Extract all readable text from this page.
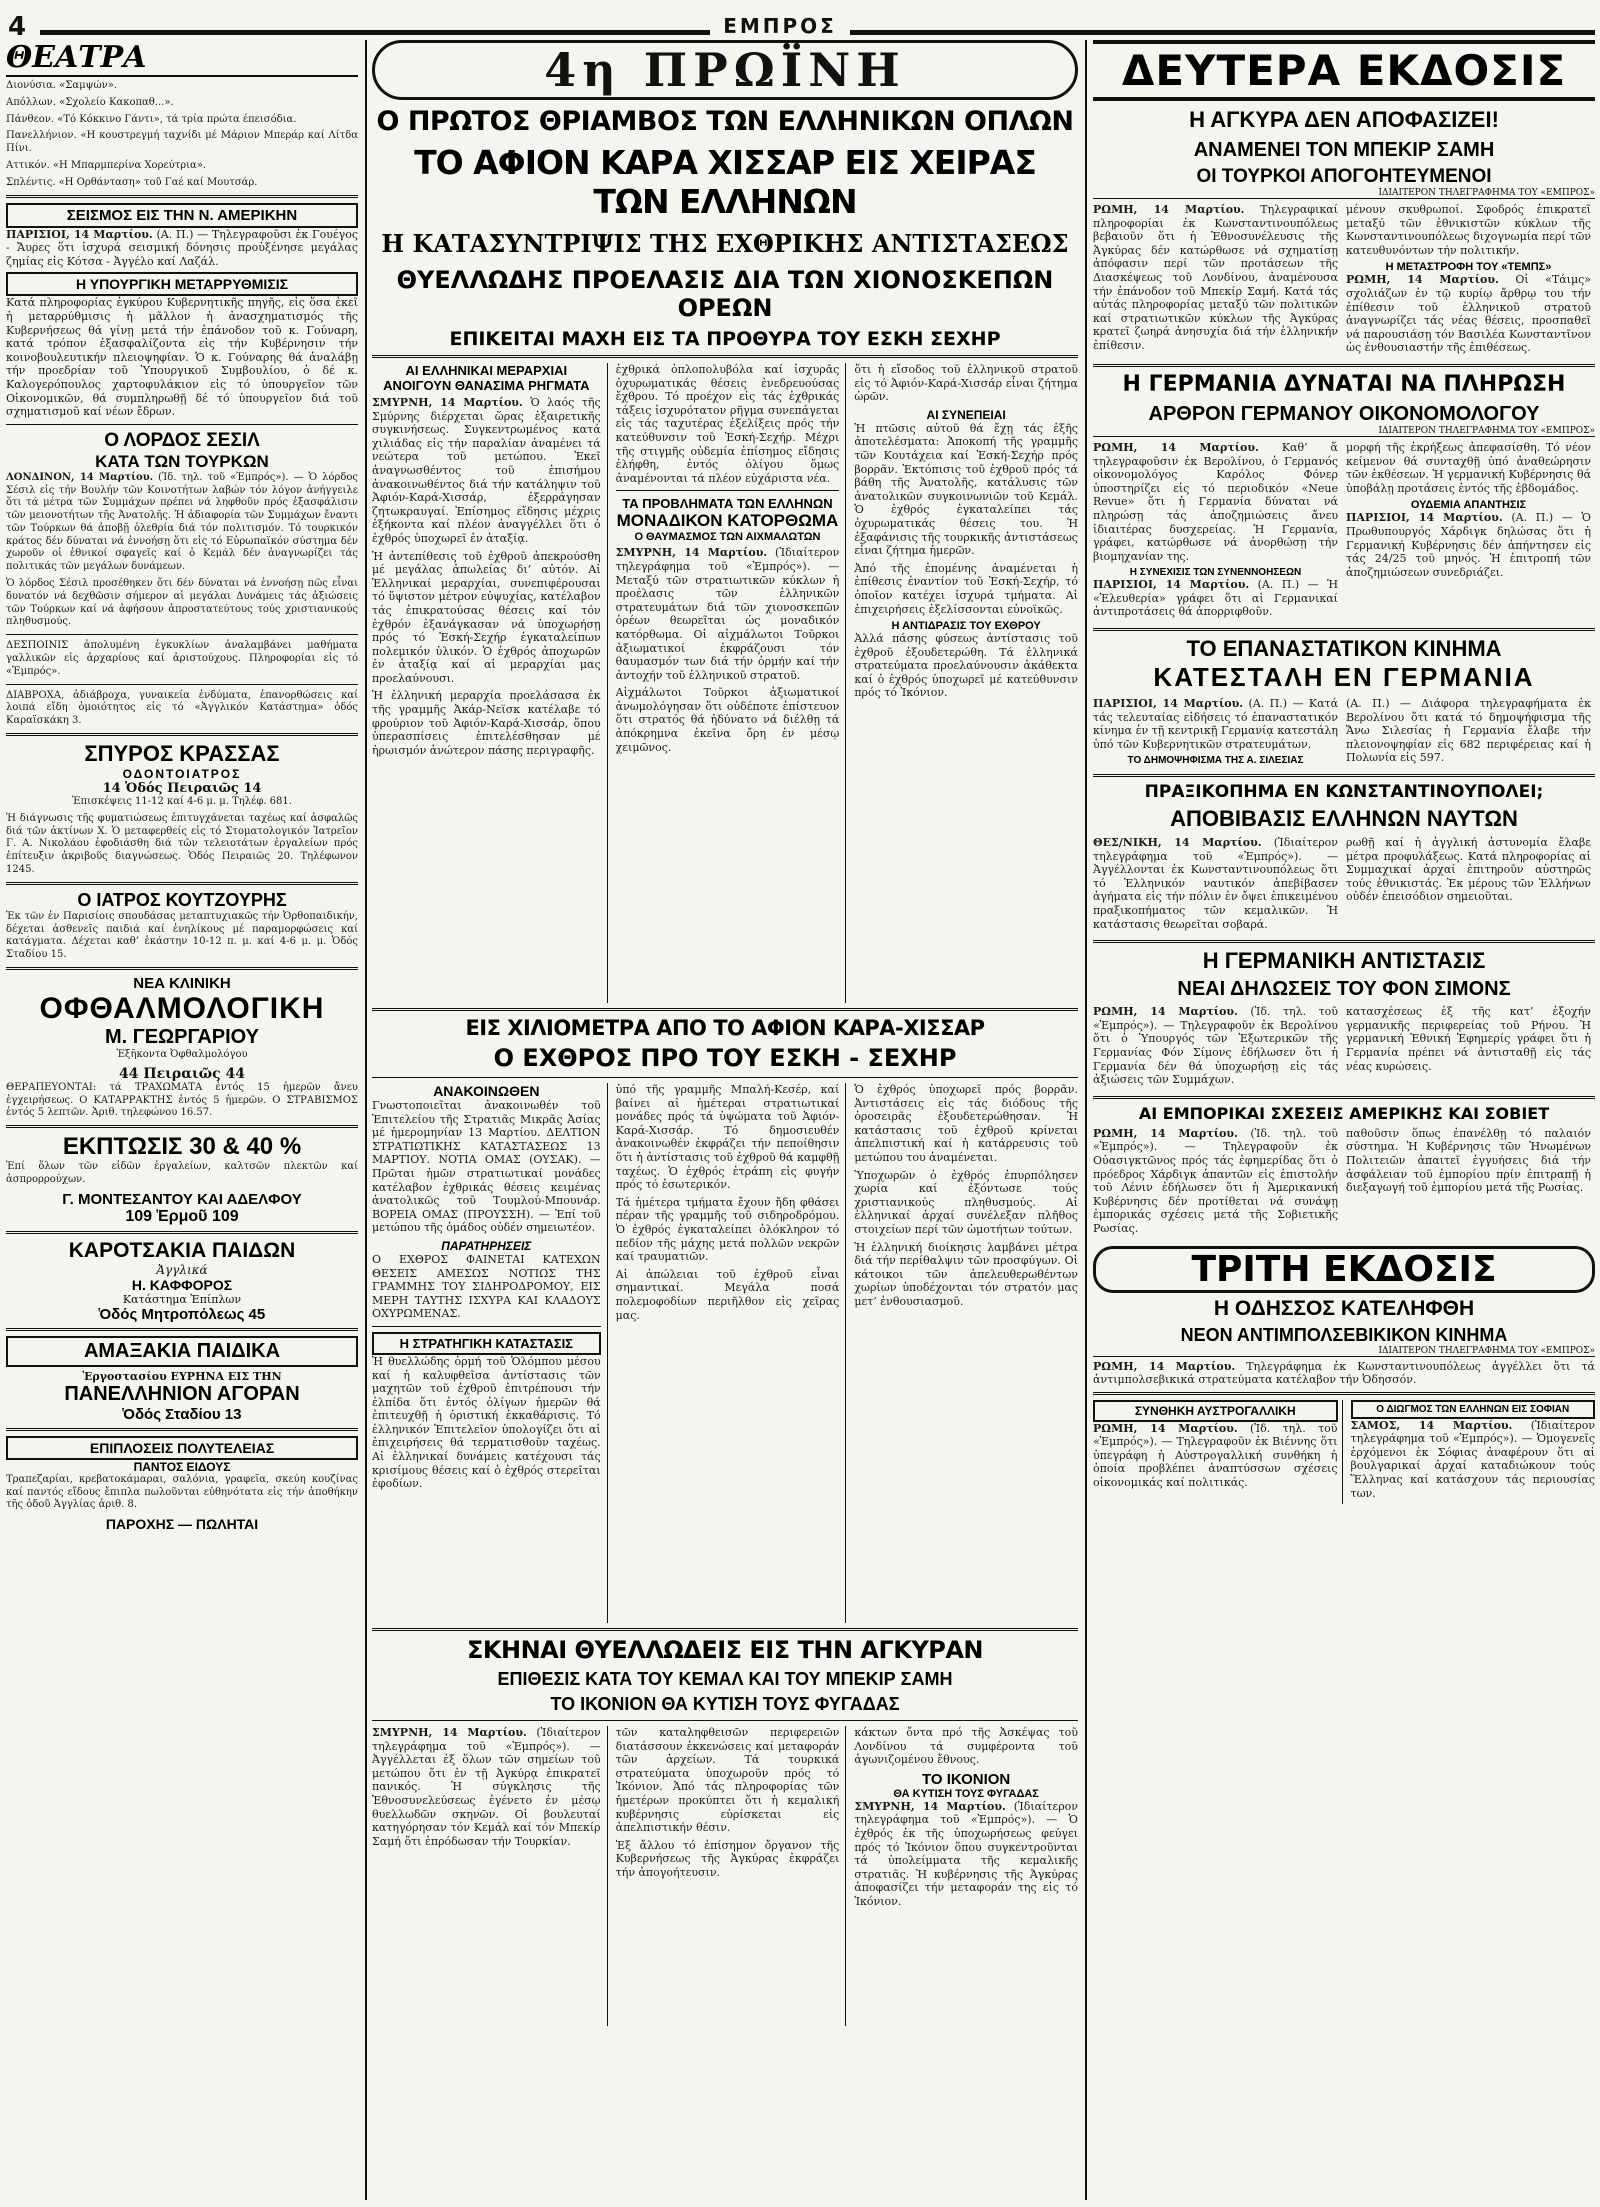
4	ΕΜΠΡΟΣ
ΘΕΑΤΡΑ

Διονύσια. «Σαμψών».

Απόλλων. «Σχολείο Κακοπαθ...».

Πάνθεον. «Τό Κόκκινο Γάντι», τά τρία πρώτα έπεισόδια.

Πανελλήνιον. «Η κουστρεγμή ταχνίδι μέ Μάριον Μπεράρ καί Λίτδα Πίνι.

Αττικόν. «Η Μπαρμπερίνα Χορεύτρια».

Σπλέντις. «Η Ορθάνταση» τοῦ Γαέ καί Μουτσάρ.

ΣΕΙΣΜΟΣ ΕΙΣ ΤΗΝ Ν. ΑΜΕΡΙΚΗΝ

ΠΑΡΙΣΙΟΙ, 14 Μαρτίου. (Α. Π.) — Τηλεγραφοῦσι ἐκ Γουέγος - Ἄυρες ὅτι ἰσχυρά σεισμική δόνησις προὐξένησε μεγάλας ζημίας εἰς Κότσα - Ἀγγέλο καί Λαζάλ.

Η ΥΠΟΥΡΓΙΚΗ ΜΕΤΑΡΡΥΘΜΙΣΙΣ

Κατά πληροφορίας ἐγκύρου Κυβερνητικῆς πηγῆς, εἰς ὅσα ἐκεῖ ἡ μεταρρύθμισις ἡ μᾶλλον ἡ ἀνασχηματισμός τῆς Κυβερνήσεως θά γίνῃ μετά τήν ἐπάνοδον τοῦ κ. Γούναρη, κατά τρόπον ἐξασφαλίζοντα εἰς τήν Κυβέρνησιν τήν κοινοβουλευτικήν πλειοψηφίαν. Ὁ κ. Γούναρης θά ἀναλάβῃ τήν προεδρίαν τοῦ Ὑπουργικοῦ Συμβουλίου, ὁ δέ κ. Καλογερόπουλος χαρτοφυλάκιον εἰς τό ὑπουργεῖον τῶν Οἰκονομικῶν, θά συμπληρωθῇ δέ τό ὑπουργεῖον διά τοῦ σχηματισμοῦ καί νέων ἔδρων.

Ο ΛΟΡΔΟΣ ΣΕΣΙΛ
ΚΑΤΑ ΤΩΝ ΤΟΥΡΚΩΝ

ΛΟΝΔΙΝΟΝ, 14 Μαρτίου. (Ἰδ. τηλ. τοῦ «Ἐμπρός»). — Ὁ λόρδος Σέσιλ εἰς τήν Βουλήν τῶν Κοινοτήτων λαβών τόν λόγον ἀνήγγειλε ὅτι τά μέτρα τῶν Συμμάχων πρέπει νά ληφθοῦν πρός ἐξασφάλισιν τῶν μειονοτήτων τῆς Ἀνατολῆς. Ἡ ἀδιαφορία τῶν Συμμάχων ἔναντι τῶν Τούρκων θά ἀποβῇ ὀλεθρία διά τόν πολιτισμόν. Τό τουρκικόν κράτος δέν δύναται νά ἐννοήσῃ ὅτι εἰς τό Εὐρωπαϊκόν σύστημα δέν χωροῦν οἱ ἐθνικοί σφαγεῖς καί ὁ Κεμάλ δέν ἀναγνωρίζει τάς πολιτικάς τῶν μεγάλων δυνάμεων.

Ὁ λόρδος Σέσιλ προσέθηκεν ὅτι δέν δύναται νά ἐννοήσῃ πῶς εἶναι δυνατόν νά δεχθῶσιν σήμερον αἱ μεγάλαι Δυνάμεις τάς ἀξιώσεις τῶν Τούρκων καί νά ἀφήσουν ἀπροστατεύτους τούς χριστιανικούς πληθυσμούς.

ΔΕΣΠΟΙΝΙΣ ἀπολυμένη ἐγκυκλίων ἀναλαμβάνει μαθήματα γαλλικῶν εἰς ἀρχαρίους καί ἀριστούχους. Πληροφορίαι εἰς τό «Ἐμπρός».

ΔΙΑΒΡΟΧΑ, ἀδιάβροχα, γυναικεία ἐνδύματα, ἐπανορθώσεις καί λοιπά εἴδη ὁμοιότητος εἰς τό «Ἀγγλικόν Κατάστημα» ὁδός Καραϊσκάκη 3.

ΣΠΥΡΟΣ ΚΡΑΣΣΑΣ
ΟΔΟΝΤΟΙΑΤΡΟΣ
14 Ὁδός Πειραιῶς 14
Ἐπισκέψεις 11-12 καί 4-6 μ. μ. Τηλέφ. 681.

Ἡ διάγνωσις τῆς φυματιώσεως ἐπιτυγχάνεται ταχέως καί ἀσφαλῶς διά τῶν ἀκτίνων Χ. Ὁ μεταφερθείς εἰς τό Στοματολογικόν Ἰατρεῖον Γ. Α. Νικολάου ἐφοδιάσθη διά τῶν τελειοτάτων ἐργαλείων πρός ἐπίτευξιν ἀκριβοῦς διαγνώσεως. Ὁδός Πειραιῶς 20. Τηλέφωνον 1245.

Ο ΙΑΤΡΟΣ ΚΟΥΤΖΟΥΡΗΣ

Ἐκ τῶν ἐν Παρισίοις σπουδάσας μεταπτυχιακῶς τήν Ὀρθοπαιδικήν, δέχεται ἀσθενεῖς παιδιά καί ἐνηλίκους μέ παραμορφώσεις καί κατάγματα. Δέχεται καθ’ ἑκάστην 10-12 π. μ. καί 4-6 μ. μ. Ὁδός Σταδίου 15.

ΝΕΑ ΚΛΙΝΙΚΗ
ΟΦΘΑΛΜΟΛΟΓΙΚΗ
Μ. ΓΕΩΡΓΑΡΙΟΥ
Ἐξῆκοντα Ὀφθαλμολόγου
44 Πειραιῶς 44

ΘΕΡΑΠΕΥΟΝΤΑΙ: τά ΤΡΑΧΩΜΑΤΑ ἐντός 15 ἡμερῶν ἄνευ ἐγχειρήσεως. Ο ΚΑΤΑΡΡΑΚΤΗΣ ἐντός 5 ἡμερῶν. Ο ΣΤΡΑΒΙΣΜΟΣ ἐντός 5 λεπτῶν. Ἀριθ. τηλεφώνου 16.57.

ΕΚΠΤΩΣΙΣ 30 & 40 %

Ἐπί ὅλων τῶν εἰδῶν ἐργαλείων, καλτσῶν πλεκτῶν καί ἀσπρορρούχων.

Γ. ΜΟΝΤΕΣΑΝΤΟΥ ΚΑΙ ΑΔΕΛΦΟΥ
109 Ἑρμοῦ 109
ΚΑΡΟΤΣΑΚΙΑ ΠΑΙΔΩΝ
Ἀγγλικά
Η. ΚΑΦΦΟΡΟΣ
Κατάστημα Ἐπίπλων
Ὁδός Μητροπόλεως 45
ΑΜΑΞΑΚΙΑ ΠΑΙΔΙΚΑ
Ἐργοστασίου ΕΥΡΗΝΑ ΕΙΣ ΤΗΝ
ΠΑΝΕΛΛΗΝΙΟΝ ΑΓΟΡΑΝ
Ὁδός Σταδίου 13
ΕΠΙΠΛΟΣΕΙΣ ΠΟΛΥΤΕΛΕΙΑΣ
ΠΑΝΤΟΣ ΕΙΔΟΥΣ

Τραπεζαρίαι, κρεβατοκάμαραι, σαλόνια, γραφεῖα, σκεύη κουζίνας καί παντός εἴδους ἔπιπλα πωλοῦνται εὐθηνότατα εἰς τήν ἀποθήκην τῆς ὁδοῦ Ἀγγλίας ἀριθ. 8.

ΠΑΡΟΧΗΣ — ΠΩΛΗΤΑΙ
4η ΠΡΩΪΝΗ
Ο ΠΡΩΤΟΣ ΘΡΙΑΜΒΟΣ ΤΩΝ ΕΛΛΗΝΙΚΩΝ ΟΠΛΩΝ
ΤΟ ΑΦΙΟΝ ΚΑΡΑ ΧΙΣΣΑΡ ΕΙΣ ΧΕΙΡΑΣ ΤΩΝ ΕΛΛΗΝΩΝ
Η ΚΑΤΑΣΥΝΤΡΙΨΙΣ ΤΗΣ ΕΧΘΡΙΚΗΣ ΑΝΤΙΣΤΑΣΕΩΣ
ΘΥΕΛΛΩΔΗΣ ΠΡΟΕΛΑΣΙΣ ΔΙΑ ΤΩΝ ΧΙΟΝΟΣΚΕΠΩΝ ΟΡΕΩΝ
ΕΠΙΚΕΙΤΑΙ ΜΑΧΗ ΕΙΣ ΤΑ ΠΡΟΘΥΡΑ ΤΟΥ ΕΣΚΗ ΣΕΧΗΡ
ΑΙ ΕΛΛΗΝΙΚΑΙ ΜΕΡΑΡΧΙΑΙ
ΑΝΟΙΓΟΥΝ ΘΑΝΑΣΙΜΑ ΡΗΓΜΑΤΑ

ΣΜΥΡΝΗ, 14 Μαρτίου. Ὁ λαός τῆς Σμύρνης διέρχεται ὥρας ἐξαιρετικῆς συγκινήσεως. Συγκεντρωμένος κατά χιλιάδας εἰς τήν παραλίαν ἀναμένει τά νεώτερα τοῦ μετώπου. Ἐκεῖ ἀναγνωσθέντος τοῦ ἐπισήμου ἀνακοινωθέντος διά τήν κατάληψιν τοῦ Ἀφιόν-Καρά-Χισσάρ, ἐξερράγησαν ζητωκραυγαί. Ἐπίσημος εἴδησις μέχρις ἐξήκοντα καί πλέον ἀναγγέλλει ὅτι ὁ ἐχθρός ὑποχωρεῖ ἐν ἀταξίᾳ.

Ἡ ἀντεπίθεσις τοῦ ἐχθροῦ ἀπεκρούσθη μέ μεγάλας ἀπωλείας δι’ αὐτόν. Αἱ Ἑλληνικαί μεραρχίαι, συνεπιφέρουσαι τό ὕψιστον μέτρον εὐψυχίας, κατέλαβον τάς ἐπικρατούσας θέσεις καί τόν ἐχθρόν ἐξανάγκασαν νά ὑποχωρήσῃ πρός τό Ἐσκή-Σεχήρ ἐγκαταλείπων πολεμικόν ὑλικόν. Ὁ ἐχθρός ἀποχωρῶν ἐν ἀταξίᾳ καί αἱ μεραρχίαι μας προελαύνουσι.

Ἡ ἐλληνική μεραρχία προελάσασα ἐκ τῆς γραμμῆς Ἀκάρ-Νεϊσκ κατέλαβε τό φρούριον τοῦ Ἀφιόν-Καρά-Χισσάρ, ὅπου ὑπερασπίσεις ἐπιτελέσθησαν μέ ἡρωισμόν ἀνώτερον πάσης περιγραφῆς.

ἐχθρικά ὁπλοπολυβόλα καί ἰσχυρᾶς ὀχυρωματικάς θέσεις ἐνεδρευούσας ἔχθρου. Τό προέχον εἰς τάς ἐχθρικάς τάξεις ἰσχυρότατον ρῆγμα συνεπάγεται εἰς τάς ταχυτέρας ἐξελίξεις πρός τήν κατεύθυνσιν τοῦ Ἐσκή-Σεχήρ. Μέχρι τῆς στιγμῆς οὐδεμία ἐπίσημος εἴδησις ἐλήφθη, ἐντός ὀλίγου ὅμως ἀναμένονται τά πλέον εὐχάριστα νέα.

ΤΑ ΠΡΟΒΛΗΜΑΤΑ ΤΩΝ ΕΛΛΗΝΩΝ
ΜΟΝΑΔΙΚΟΝ ΚΑΤΟΡΘΩΜΑ
Ο ΘΑΥΜΑΣΜΟΣ ΤΩΝ ΑΙΧΜΑΛΩΤΩΝ

ΣΜΥΡΝΗ, 14 Μαρτίου. (Ἰδιαίτερον τηλεγράφημα τοῦ «Ἐμπρός»). — Μεταξύ τῶν στρατιωτικῶν κύκλων ἡ προέλασις τῶν ἑλληνικῶν στρατευμάτων διά τῶν χιονοσκεπῶν ὀρέων θεωρεῖται ὡς μοναδικόν κατόρθωμα. Οἱ αἰχμάλωτοι Τοῦρκοι ἀξιωματικοί ἐκφράζουσι τόν θαυμασμόν των διά τήν ὁρμήν καί τήν ἀντοχήν τοῦ ἑλληνικοῦ στρατοῦ.

Αἰχμάλωτοι Τοῦρκοι ἀξιωματικοί ἀνωμολόγησαν ὅτι οὐδέποτε ἐπίστευον ὅτι στρατός θά ἠδύνατο νά διέλθῃ τά ἀπόκρημνα ἐκεῖνα ὄρη ἐν μέσῳ χειμῶνος.

ὅτι ἡ εἴσοδος τοῦ ἑλληνικοῦ στρατοῦ εἰς τό Ἀφιόν-Καρά-Χισσάρ εἶναι ζήτημα ὡρῶν.

ΑΙ ΣΥΝΕΠΕΙΑΙ

Ἡ πτῶσις αὐτοῦ θά ἔχῃ τάς ἑξῆς ἀποτελέσματα: Ἀποκοπή τῆς γραμμῆς τῶν Κουτάχεια καί Ἐσκή-Σεχήρ πρός βορρᾶν. Ἐκτόπισις τοῦ ἐχθροῦ πρός τά βάθη τῆς Ἀνατολῆς, κατάλυσις τῶν ἀνατολικῶν συγκοινωνιῶν τοῦ Κεμάλ. Ὁ ἐχθρός ἐγκαταλείπει τάς ὀχυρωματικάς θέσεις του. Ἡ ἐξαφάνισις τῆς τουρκικῆς ἀντιστάσεως εἶναι ζήτημα ἡμερῶν.

Ἀπό τῆς ἐπομένης ἀναμένεται ἡ ἐπίθεσις ἐναντίον τοῦ Ἐσκή-Σεχήρ, τό ὁποῖον κατέχει ἰσχυρά τμήματα. Αἱ ἐπιχειρήσεις ἐξελίσσονται εὐνοϊκῶς.

Η ΑΝΤΙΔΡΑΣΙΣ ΤΟΥ ΕΧΘΡΟΥ

Ἀλλά πάσης φύσεως ἀντίστασις τοῦ ἐχθροῦ ἐξουδετερώθη. Τά ἑλληνικά στρατεύματα προελαύνουσιν ἀκάθεκτα καί ὁ ἐχθρός ὑποχωρεῖ μέ κατεύθυνσιν πρός τό Ἰκόνιον.

ΕΙΣ ΧΙΛΙΟΜΕΤΡΑ ΑΠΟ ΤΟ ΑΦΙΟΝ ΚΑΡΑ-ΧΙΣΣΑΡ
Ο ΕΧΘΡΟΣ ΠΡΟ ΤΟΥ ΕΣΚΗ - ΣΕΧΗΡ
ΑΝΑΚΟΙΝΩΘΕΝ

Γνωστοποιεῖται ἀνακοινωθέν τοῦ Ἐπιτελείου τῆς Στρατιᾶς Μικρᾶς Ἀσίας μέ ἡμερομηνίαν 13 Μαρτίου. ΔΕΛΤΙΟΝ ΣΤΡΑΤΙΩΤΙΚΗΣ ΚΑΤΑΣΤΑΣΕΩΣ 13 ΜΑΡΤΙΟΥ. ΝΟΤΙΑ ΟΜΑΣ (ΟΥΣΑΚ). — Πρῶται ἡμῶν στρατιωτικαί μονάδες κατέλαβον ἐχθρικάς θέσεις κειμένας ἀνατολικῶς τοῦ Τουμλού-Μπουνάρ. ΒΟΡΕΙΑ ΟΜΑΣ (ΠΡΟΥΣΣΗ). — Ἐπί τοῦ μετώπου τῆς ὁμάδος οὐδέν σημειωτέον.

ΠΑΡΑΤΗΡΗΣΕΙΣ

Ο ΕΧΘΡΟΣ ΦΑΙΝΕΤΑΙ ΚΑΤΕΧΩΝ ΘΕΣΕΙΣ ΑΜΕΣΩΣ ΝΟΤΙΩΣ ΤΗΣ ΓΡΑΜΜΗΣ ΤΟΥ ΣΙΔΗΡΟΔΡΟΜΟΥ, ΕΙΣ ΜΕΡΗ ΤΑΥΤΗΣ ΙΣΧΥΡΑ ΚΑΙ ΚΛΑΔΟΥΣ ΟΧΥΡΩΜΕΝΑΣ.

Η ΣΤΡΑΤΗΓΙΚΗ ΚΑΤΑΣΤΑΣΙΣ

Ἡ θυελλώδης ὁρμή τοῦ Ὁλόμπου μέσου καί ἡ καλυφθεῖσα ἀντίστασις τῶν μαχητῶν τοῦ ἐχθροῦ ἐπιτρέπουσι τήν ἐλπίδα ὅτι ἐντός ὀλίγων ἡμερῶν θά ἐπιτευχθῇ ἡ ὁριστική ἐκκαθάρισις. Τό ἑλληνικόν Ἐπιτελεῖον ὑπολογίζει ὅτι αἱ ἐπιχειρήσεις θά τερματισθοῦν ταχέως. Αἱ ἑλληνικαί δυνάμεις κατέχουσι τάς κρισίμους θέσεις καί ὁ ἐχθρός στερεῖται ἐφοδίων.

ὑπό τῆς γραμμῆς Μπαλή-Κεσέρ, καί βαίνει αἱ ἡμέτεραι στρατιωτικαί μονάδες πρός τά ὑψώματα τοῦ Ἀφιόν-Καρά-Χισσάρ. Τό δημοσιευθέν ἀνακοινωθέν ἐκφράζει τήν πεποίθησιν ὅτι ἡ ἀντίστασις τοῦ ἐχθροῦ θά καμφθῇ ταχέως. Ὁ ἐχθρός ἐτράπη εἰς φυγήν πρός τό ἐσωτερικόν.

Τά ἡμέτερα τμήματα ἔχουν ἤδη φθάσει πέραν τῆς γραμμῆς τοῦ σιδηροδρόμου. Ὁ ἐχθρός ἐγκαταλείπει ὁλόκληρον τό πεδίον τῆς μάχης μετά πολλῶν νεκρῶν καί τραυματιῶν.

Αἱ ἀπώλειαι τοῦ ἐχθροῦ εἶναι σημαντικαί. Μεγάλα ποσά πολεμοφοδίων περιῆλθον εἰς χεῖρας μας.

Ὁ ἐχθρός ὑποχωρεῖ πρός βορρᾶν. Ἀντιστάσεις εἰς τάς διόδους τῆς ὀροσειρᾶς ἐξουδετερώθησαν. Ἡ κατάστασις τοῦ ἐχθροῦ κρίνεται ἀπελπιστική καί ἡ κατάρρευσις τοῦ μετώπου του ἀναμένεται.

Ὑποχωρῶν ὁ ἐχθρός ἐπυρπόλησεν χωρία καί ἐξόντωσε τούς χριστιανικούς πληθυσμούς. Αἱ ἑλληνικαί ἀρχαί συνέλεξαν πλῆθος στοιχείων περί τῶν ὠμοτήτων τούτων.

Ἡ ἑλληνική διοίκησις λαμβάνει μέτρα διά τήν περίθαλψιν τῶν προσφύγων. Οἱ κάτοικοι τῶν ἀπελευθερωθέντων χωρίων ὑποδέχονται τόν στρατόν μας μετ’ ἐνθουσιασμοῦ.

ΣΚΗΝΑΙ ΘΥΕΛΛΩΔΕΙΣ ΕΙΣ ΤΗΝ ΑΓΚΥΡΑΝ
ΕΠΙΘΕΣΙΣ ΚΑΤΑ ΤΟΥ ΚΕΜΑΛ ΚΑΙ ΤΟΥ ΜΠΕΚΙΡ ΣΑΜΗ
ΤΟ ΙΚΟΝΙΟΝ ΘΑ ΚΥΤΙΣΗ ΤΟΥΣ ΦΥΓΑΔΑΣ

ΣΜΥΡΝΗ, 14 Μαρτίου. (Ἰδιαίτερον τηλεγράφημα τοῦ «Ἐμπρός»). — Ἀγγέλλεται ἐξ ὅλων τῶν σημείων τοῦ μετώπου ὅτι ἐν τῇ Ἀγκύρᾳ ἐπικρατεῖ πανικός. Ἡ σύγκλησις τῆς Ἐθνοσυνελεύσεως ἐγένετο ἐν μέσῳ θυελλωδῶν σκηνῶν. Οἱ βουλευταί κατηγόρησαν τόν Κεμάλ καί τόν Μπεκίρ Σαμή ὅτι ἐπρόδωσαν τήν Τουρκίαν.

τῶν καταληφθεισῶν περιφερειῶν διατάσσουν ἐκκενώσεις καί μεταφοράν τῶν ἀρχείων. Τά τουρκικά στρατεύματα ὑποχωροῦν πρός τό Ἰκόνιον. Ἀπό τάς πληροφορίας τῶν ἡμετέρων προκύπτει ὅτι ἡ κεμαλική κυβέρνησις εὑρίσκεται εἰς ἀπελπιστικήν θέσιν.

Ἐξ ἄλλου τό ἐπίσημον ὄργανον τῆς Κυβερνήσεως τῆς Ἀγκύρας ἐκφράζει τήν ἀπογοήτευσιν.

κάκτων ὄντα πρό τῆς Ἀσκέψας τοῦ Λονδίνου τά συμφέροντα τοῦ ἀγωνιζομένου ἔθνους.

ΤΟ ΙΚΟΝΙΟΝ
ΘΑ ΚΥΤΙΣΗ ΤΟΥΣ ΦΥΓΑΔΑΣ

ΣΜΥΡΝΗ, 14 Μαρτίου. (Ἰδιαίτερον τηλεγράφημα τοῦ «Ἐμπρός»). — Ὁ ἐχθρός ἐκ τῆς ὑποχωρήσεως φεύγει πρός τό Ἰκόνιον ὅπου συγκεντροῦνται τά ὑπολείμματα τῆς κεμαλικῆς στρατιᾶς. Ἡ κυβέρνησις τῆς Ἀγκύρας ἀποφασίζει τήν μεταφοράν της εἰς τό Ἰκόνιον.

ΔΕΥΤΕΡΑ ΕΚΔΟΣΙΣ
Η ΑΓΚΥΡΑ ΔΕΝ ΑΠΟΦΑΣΙΖΕΙ!
ΑΝΑΜΕΝΕΙ ΤΟΝ ΜΠΕΚΙΡ ΣΑΜΗ
ΟΙ ΤΟΥΡΚΟΙ ΑΠΟΓΟΗΤΕΥΜΕΝΟΙ
ΙΔΙΑΙΤΕΡΟΝ ΤΗΛΕΓΡΑΦΗΜΑ ΤΟΥ «ΕΜΠΡΟΣ»

ΡΩΜΗ, 14 Μαρτίου. Τηλεγραφικαί πληροφορίαι ἐκ Κωνσταντινουπόλεως βεβαιοῦν ὅτι ἡ Ἐθνοσυνέλευσις τῆς Ἀγκύρας δέν κατώρθωσε νά σχηματίσῃ ἀπόφασιν περί τῶν προτάσεων τῆς Διασκέψεως τοῦ Λονδίνου, ἀναμένουσα τήν ἐπάνοδον τοῦ Μπεκίρ Σαμή. Κατά τάς αὐτάς πληροφορίας μεταξύ τῶν πολιτικῶν καί στρατιωτικῶν κύκλων τῆς Ἀγκύρας κρατεῖ ζωηρά ἀνησυχία διά τήν ἑλληνικήν ἐπίθεσιν.

μένουν σκυθρωποί. Σφοδρός ἐπικρατεῖ μεταξύ τῶν ἐθνικιστῶν κύκλων τῆς Κωνσταντινουπόλεως διχογνωμία περί τῶν κατευθυνόντων τήν πολιτικήν.

Η ΜΕΤΑΣΤΡΟΦΗ ΤΟΥ «ΤΕΜΠΣ»

ΡΩΜΗ, 14 Μαρτίου. Οἱ «Τάιμς» σχολιάζων ἐν τῷ κυρίῳ ἄρθρῳ του τήν ἐπίθεσιν τοῦ ἑλληνικοῦ στρατοῦ ἀναγνωρίζει τάς νέας θέσεις, προσπαθεῖ νά παρουσιάσῃ τόν Βασιλέα Κωνσταντῖνον ὡς ἐνθουσιαστήν τῆς ἐπιθέσεως.

Η ΓΕΡΜΑΝΙΑ ΔΥΝΑΤΑΙ ΝΑ ΠΛΗΡΩΣΗ
ΑΡΘΡΟΝ ΓΕΡΜΑΝΟΥ ΟΙΚΟΝΟΜΟΛΟΓΟΥ
ΙΔΙΑΙΤΕΡΟΝ ΤΗΛΕΓΡΑΦΗΜΑ ΤΟΥ «ΕΜΠΡΟΣ»

ΡΩΜΗ, 14 Μαρτίου. Καθ’ ἅ τηλεγραφοῦσιν ἐκ Βερολίνου, ὁ Γερμανός οἰκονομολόγος Καρόλος Φόνερ ὑποστηρίζει εἰς τό περιοδικόν «Neue Revue» ὅτι ἡ Γερμανία δύναται νά πληρώσῃ τάς ἀποζημιώσεις ἄνευ ἰδιαιτέρας δυσχερείας. Ἡ Γερμανία, γράφει, κατώρθωσε νά ἀνορθώσῃ τήν βιομηχανίαν της.

Η ΣΥΝΕΧΙΣΙΣ ΤΩΝ ΣΥΝΕΝΝΟΗΣΕΩΝ

ΠΑΡΙΣΙΟΙ, 14 Μαρτίου. (Α. Π.) — Ἡ «Ἐλευθερία» γράφει ὅτι αἱ Γερμανικαί ἀντιπροτάσεις θά ἀπορριφθοῦν.

μορφή τῆς ἐκρήξεως ἀπεφασίσθη. Τό νέον κείμενον θά συνταχθῇ ὑπό ἀναθεώρησιν τῶν ἐκθέσεων. Ἡ γερμανική Κυβέρνησις θά ὑποβάλῃ προτάσεις ἐντός τῆς ἑβδομάδος.

ΟΥΔΕΜΙΑ ΑΠΑΝΤΗΣΙΣ

ΠΑΡΙΣΙΟΙ, 14 Μαρτίου. (Α. Π.) — Ὁ Πρωθυπουργός Χάρδιγκ δηλώσας ὅτι ἡ Γερμανική Κυβέρνησις δέν ἀπήντησεν εἰς τάς 24/25 τοῦ μηνός. Ἡ ἐπιτροπή τῶν ἀποζημιώσεων συνεδριάζει.

ΤΟ ΕΠΑΝΑΣΤΑΤΙΚΟΝ ΚΙΝΗΜΑ
ΚΑΤΕΣΤΑΛΗ ΕΝ ΓΕΡΜΑΝΙΑ

ΠΑΡΙΣΙΟΙ, 14 Μαρτίου. (Α. Π.) — Κατά τάς τελευταίας εἰδήσεις τό ἐπαναστατικόν κίνημα ἐν τῇ κεντρικῇ Γερμανίᾳ κατεστάλη ὑπό τῶν Κυβερνητικῶν στρατευμάτων.

ΤΟ ΔΗΜΟΨΗΦΙΣΜΑ ΤΗΣ Α. ΣΙΛΕΣΙΑΣ

(Α. Π.) — Διάφορα τηλεγραφήματα ἐκ Βερολίνου ὅτι κατά τό δημοψήφισμα τῆς Ἄνω Σιλεσίας ἡ Γερμανία ἔλαβε τήν πλειονοψηφίαν εἰς 682 περιφέρειας καί ἡ Πολωνία εἰς 597.

ΠΡΑΞΙΚΟΠΗΜΑ ΕΝ ΚΩΝΣΤΑΝΤΙΝΟΥΠΟΛΕΙ;
ΑΠΟΒΙΒΑΣΙΣ ΕΛΛΗΝΩΝ ΝΑΥΤΩΝ

ΘΕΣ/ΝΙΚΗ, 14 Μαρτίου. (Ἰδιαίτερον τηλεγράφημα τοῦ «Ἐμπρός»). — Ἀγγέλλονται ἐκ Κωνσταντινουπόλεως ὅτι τό Ἑλληνικόν ναυτικόν ἀπεβίβασεν ἀγήματα εἰς τήν πόλιν ἐν ὄψει ἐπικειμένου πραξικοπήματος τῶν κεμαλικῶν. Ἡ κατάστασις θεωρεῖται σοβαρά.

ρωθῇ καί ἡ ἀγγλική ἀστυνομία ἔλαβε μέτρα προφυλάξεως. Κατά πληροφορίας αἱ Συμμαχικαί ἀρχαί ἐπιτηροῦν αὐστηρῶς τούς ἐθνικιστάς. Ἐκ μέρους τῶν Ἑλλήνων οὐδέν ἐπεισόδιον σημειοῦται.

Η ΓΕΡΜΑΝΙΚΗ ΑΝΤΙΣΤΑΣΙΣ
ΝΕΑΙ ΔΗΛΩΣΕΙΣ ΤΟΥ ΦΟΝ ΣΙΜΟΝΣ

ΡΩΜΗ, 14 Μαρτίου. (Ἰδ. τηλ. τοῦ «Ἐμπρός»). — Τηλεγραφοῦν ἐκ Βερολίνου ὅτι ὁ Ὑπουργός τῶν Ἐξωτερικῶν τῆς Γερμανίας Φόν Σίμονς ἐδήλωσεν ὅτι ἡ Γερμανία δέν θά ὑποχωρήσῃ εἰς τάς ἀξιώσεις τῶν Συμμάχων.

κατασχέσεως ἐξ τῆς κατ’ ἐξοχήν γερμανικῆς περιφερείας τοῦ Ρήνου. Ἡ γερμανική Ἐθνική Ἐφημερίς γράφει ὅτι ἡ Γερμανία πρέπει νά ἀντισταθῇ εἰς τάς νέας κυρώσεις.

ΑΙ ΕΜΠΟΡΙΚΑΙ ΣΧΕΣΕΙΣ ΑΜΕΡΙΚΗΣ ΚΑΙ ΣΟΒΙΕΤ

ΡΩΜΗ, 14 Μαρτίου. (Ἰδ. τηλ. τοῦ «Ἐμπρός»). — Τηλεγραφοῦν ἐκ Οὐασιγκτῶνος πρός τάς ἐφημερίδας ὅτι ὁ πρόεδρος Χάρδιγκ ἀπαντῶν εἰς ἐπιστολήν τοῦ Λένιν ἐδήλωσεν ὅτι ἡ Ἀμερικανική Κυβέρνησις δέν προτίθεται νά συνάψῃ ἐμπορικάς σχέσεις μετά τῆς Σοβιετικῆς Ρωσίας.

παθοῦσιν ὅπως ἐπανέλθῃ τό παλαιόν σύστημα. Ἡ Κυβέρνησις τῶν Ἡνωμένων Πολιτειῶν ἀπαιτεῖ ἐγγυήσεις διά τήν ἀσφάλειαν τοῦ ἐμπορίου πρίν ἐπιτραπῇ ἡ διεξαγωγή τοῦ ἐμπορίου μετά τῆς Ρωσίας.

ΤΡΙΤΗ ΕΚΔΟΣΙΣ
Η ΟΔΗΣΣΟΣ ΚΑΤΕΛΗΦΘΗ
ΝΕΟΝ ΑΝΤΙΜΠΟΛΣΕΒΙΚΙΚΟΝ ΚΙΝΗΜΑ
ΙΔΙΑΙΤΕΡΟΝ ΤΗΛΕΓΡΑΦΗΜΑ ΤΟΥ «ΕΜΠΡΟΣ»

ΡΩΜΗ, 14 Μαρτίου. Τηλεγράφημα ἐκ Κωνσταντινουπόλεως ἀγγέλλει ὅτι τά ἀντιμπολσεβικικά στρατεύματα κατέλαβον τήν Ὀδησσόν.

ΣΥΝΘΗΚΗ ΑΥΣΤΡΟΓΑΛΛΙΚΗ

ΡΩΜΗ, 14 Μαρτίου. (Ἰδ. τηλ. τοῦ «Ἐμπρός»). — Τηλεγραφοῦν ἐκ Βιέννης ὅτι ὑπεγράφη ἡ Αὐστρογαλλική συνθήκη ἡ ὁποία προβλέπει ἀναπτύσσων σχέσεις οἰκονομικάς καί πολιτικάς.

Ο ΔΙΩΓΜΟΣ ΤΩΝ ΕΛΛΗΝΩΝ ΕΙΣ ΣΟΦΙΑΝ

ΣΑΜΟΣ, 14 Μαρτίου. (Ἰδιαίτερον τηλεγράφημα τοῦ «Ἐμπρός»). — Ὁμογενεῖς ἐρχόμενοι ἐκ Σόφιας ἀναφέρουν ὅτι αἱ βουλγαρικαί ἀρχαί καταδιώκουν τούς Ἕλληνας καί κατάσχουν τάς περιουσίας των.
